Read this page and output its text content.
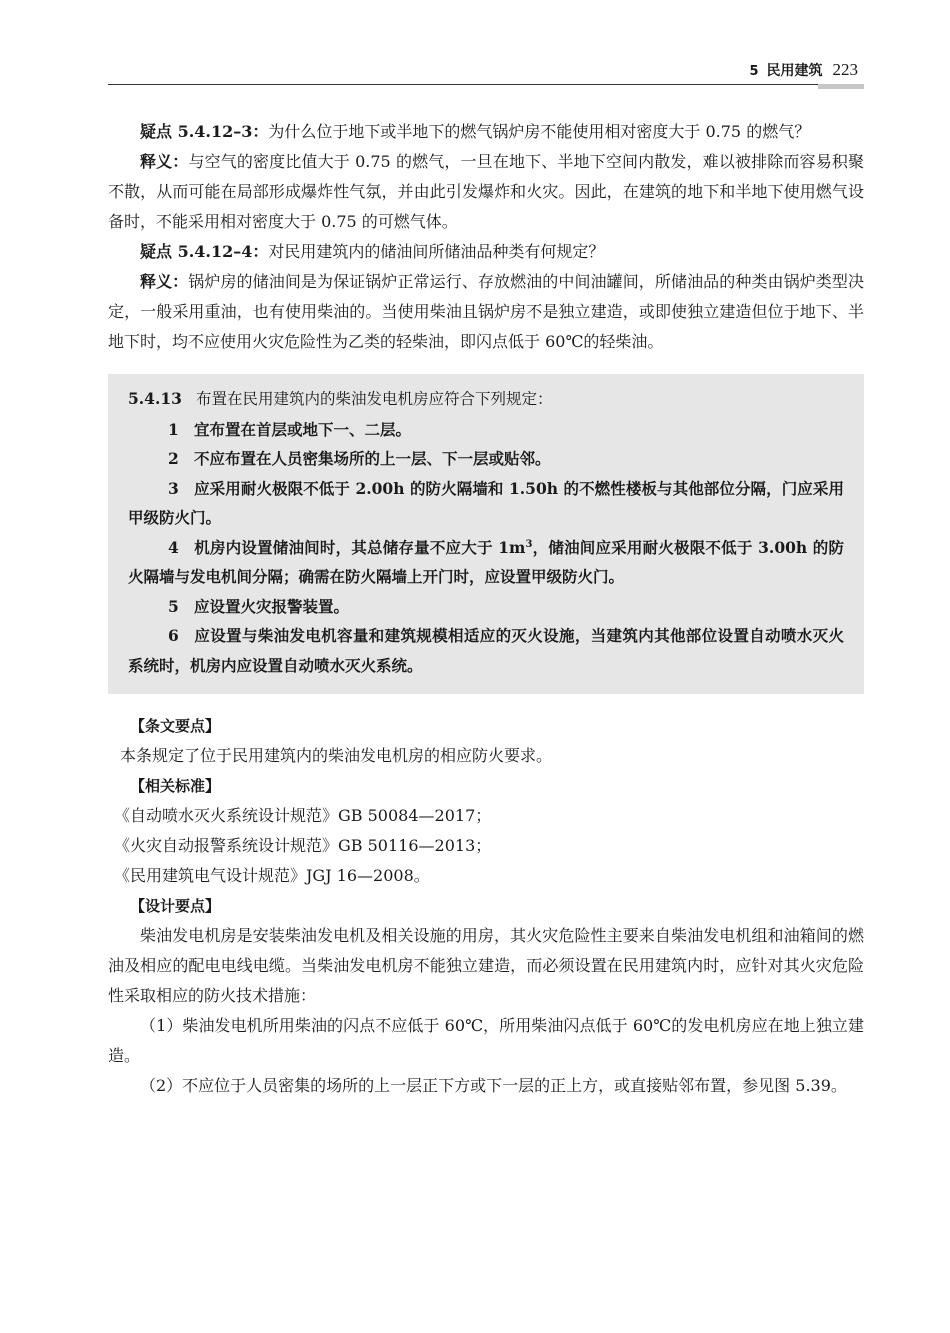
5 民用建筑 223

疑点 5.4.12–3：为什么位于地下或半地下的燃气锅炉房不能使用相对密度大于 0.75 的燃气？

释义：与空气的密度比值大于 0.75 的燃气，一旦在地下、半地下空间内散发，难以被排除而容易积聚不散，从而可能在局部形成爆炸性气氛，并由此引发爆炸和火灾。因此，在建筑的地下和半地下使用燃气设备时，不能采用相对密度大于 0.75 的可燃气体。

疑点 5.4.12–4：对民用建筑内的储油间所储油品种类有何规定？

释义：锅炉房的储油间是为保证锅炉正常运行、存放燃油的中间油罐间，所储油品的种类由锅炉类型决定，一般采用重油，也有使用柴油的。当使用柴油且锅炉房不是独立建造，或即使独立建造但位于地下、半地下时，均不应使用火灾危险性为乙类的轻柴油，即闪点低于 60℃的轻柴油。

5.4.13 布置在民用建筑内的柴油发电机房应符合下列规定：

1 宜布置在首层或地下一、二层。

2 不应布置在人员密集场所的上一层、下一层或贴邻。

3 应采用耐火极限不低于 2.00h 的防火隔墙和 1.50h 的不燃性楼板与其他部位分隔，门应采用甲级防火门。

4 机房内设置储油间时，其总储存量不应大于 $1m^3$，储油间应采用耐火极限不低于 3.00h 的防火隔墙与发电机间分隔；确需在防火隔墙上开门时，应设置甲级防火门。

5 应设置火灾报警装置。

6 应设置与柴油发电机容量和建筑规模相适应的灭火设施，当建筑内其他部位设置自动喷水灭火系统时，机房内应设置自动喷水灭火系统。

【条文要点】

本条规定了位于民用建筑内的柴油发电机房的相应防火要求。

【相关标准】

《自动喷水灭火系统设计规范》GB 50084—2017；

《火灾自动报警系统设计规范》GB 50116—2013；

《民用建筑电气设计规范》JGJ 16—2008。

【设计要点】

柴油发电机房是安装柴油发电机及相关设施的用房，其火灾危险性主要来自柴油发电机组和油箱间的燃油及相应的配电电线电缆。当柴油发电机房不能独立建造，而必须设置在民用建筑内时，应针对其火灾危险性采取相应的防火技术措施：

（1）柴油发电机所用柴油的闪点不应低于 60℃，所用柴油闪点低于 60℃的发电机房应在地上独立建造。

（2）不应位于人员密集的场所的上一层正下方或下一层的正上方，或直接贴邻布置，参见图 5.39。
